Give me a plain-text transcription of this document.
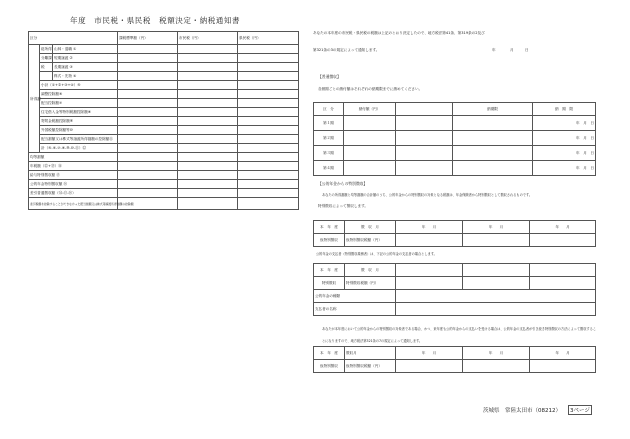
年度　市民税・県民税　税額決定・納税通知書
区分			課税標準額（円）	市民税（円）	県民税（円）
所得割	総所得	山林・退職 ①			
	分離課	短期譲渡 ②			
	税	長期譲渡 ③			
		株式・先物 ④			
	小計（①+②+③+④）⑤				
	調整控除額⑥				
	配当控除額⑦				
	住宅借入金等特別税額控除額⑧				
	寄附金税額控除額⑨				
	外国税額控除額等⑩				
	配当割額又は株式等譲渡所得割額の控除額⑪				
	計（⑤-⑥-⑦-⑧-⑨-⑩-⑪）⑫				
均等割額					
年税額（⑫+⑬）⑭					
給与特別徴収額 ⑮					
公的年金特別徴収額 ⑯					
差引普通徴収額（⑭-⑮-⑯）					
差引税額を控除することができなかった配当割額又は株式等譲渡所得割額の控除額					
あなたの本年度の市民税・県民税の税額は上記のとおり決定したので、地方税法第41条、第319条の2及び
第321条の3の規定によって通知します。	年	月	日
【普通徴収】
各納期ごとの納付額はそれぞれの納期限までに納めてください。
区　分	納付額（円）		納期限	納　期　限
第１期				年　 月　 日
第２期				年　 月　 日
第３期				年　 月　 日
第４期				年　 月　 日
【公的年金からの特別徴収】
あなたの所得割額と均等割額の合計額のうち、公的年金からの特別徴収の対象となる税額は、年金保険者から特別徴収として徴収されるものです。
特別徴収によって徴収します。
本　年　度	徴　収　月	年　　 月	年　　 月	年　　 月
仮特別徴収	仮特別徴収税額（円）			
公的年金の支払者（特別徴収義務者）は、下記の公的年金の支払者の場合とします。
本　年　度	徴　収　月			
特別徴収	特別徴収税額（円）			
公的年金の種類				
支払者の名称				
あなたが本年度において公的年金からの特別徴収の対象者である場合、かつ、来年度も公的年金からの支払いを受ける場合は、公的年金の支払者が引き続き特別徴収の方法によって徴収することになりますので、地方税法第321条の7の規定によって通知します。
本　年　度	徴収月	年　　 月	年　　 月	年　　 月
仮特別徴収	仮特別徴収税額（円）			
茨城県　常陸太田市（08212）	3ページ
